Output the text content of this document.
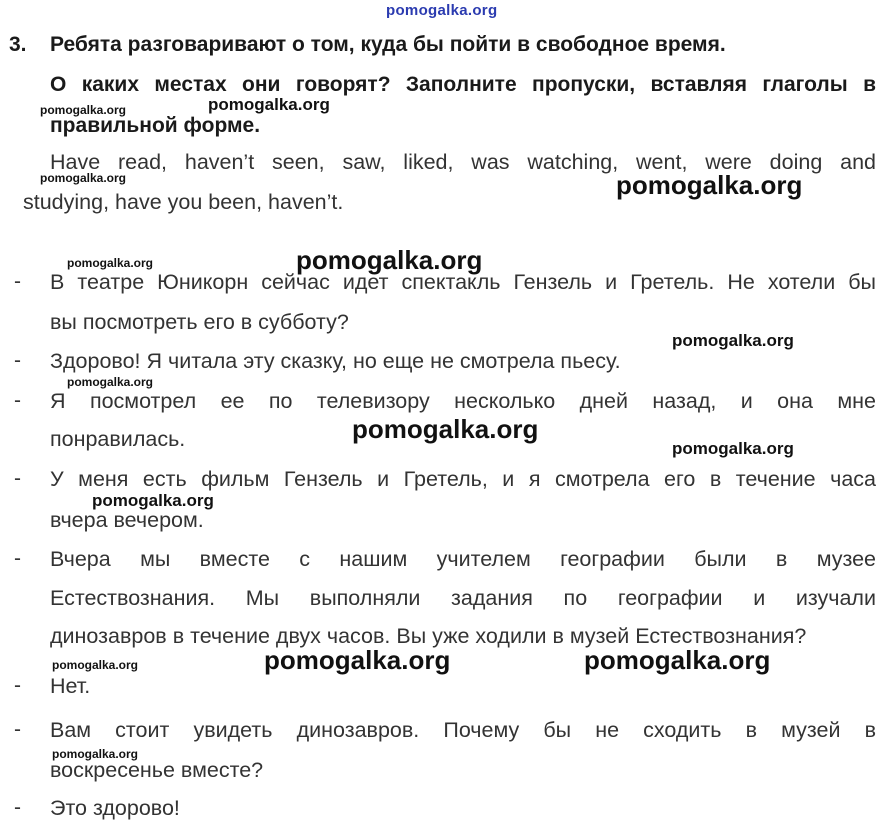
pomogalka.org
3. Ребята разговаривают о том, куда бы пойти в свободное время.
О каких местах они говорят? Заполните пропуски, вставляя глаголы в
правильной форме.
Have read, haven’t seen, saw, liked, was watching, went, were doing and
studying, have you been, haven’t.
- В театре Юникорн сейчас идет спектакль Гензель и Гретель. Не хотели бы
вы посмотреть его в субботу?
- Здорово! Я читала эту сказку, но еще не смотрела пьесу.
- Я посмотрел ее по телевизору несколько дней назад, и она мне
понравилась.
- У меня есть фильм Гензель и Гретель, и я смотрела его в течение часа
вчера вечером.
- Вчера мы вместе с нашим учителем географии были в музее
Естествознания. Мы выполняли задания по географии и изучали
динозавров в течение двух часов. Вы уже ходили в музей Естествознания?
- Нет.
- Вам стоит увидеть динозавров. Почему бы не сходить в музей в
воскресенье вместе?
- Это здорово!
pomogalka.org	pomogalka.org
pomogalka.org	pomogalka.org
pomogalka.org	pomogalka.org
pomogalka.org
pomogalka.org
pomogalka.org
pomogalka.org
pomogalka.org
pomogalka.org	pomogalka.org
pomogalka.org
pomogalka.org
